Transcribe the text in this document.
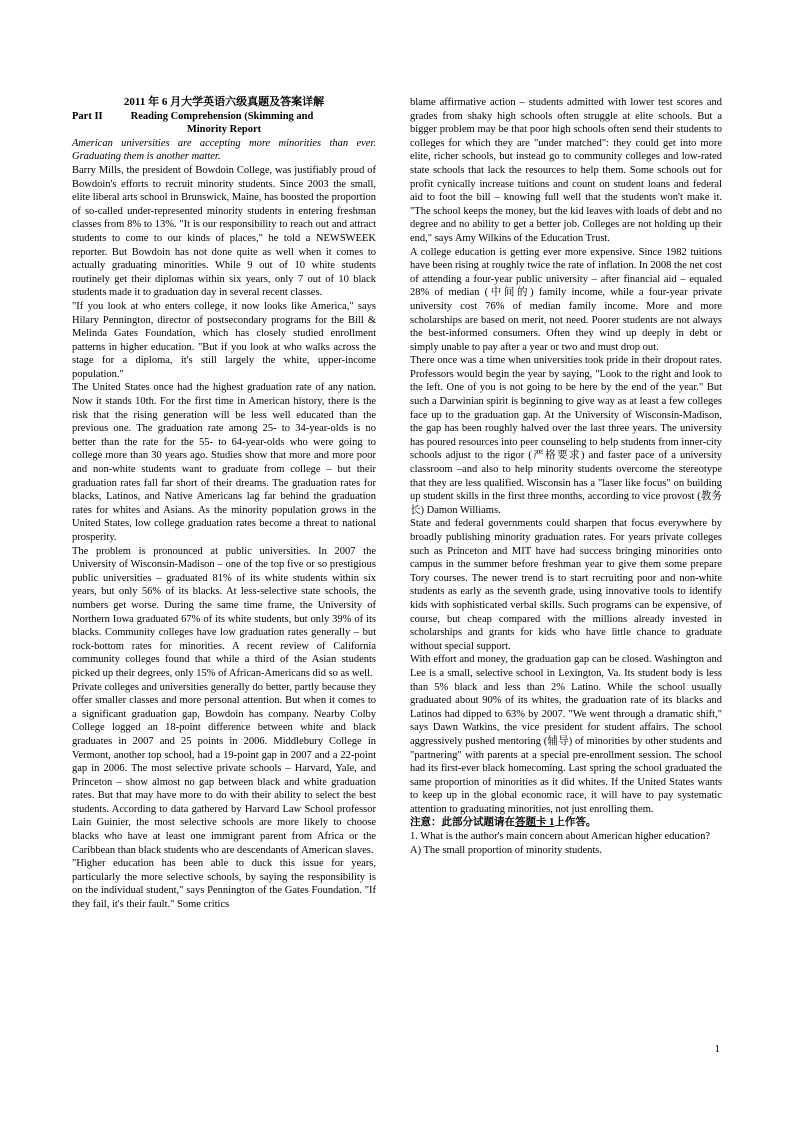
2011 年 6 月大学英语六级真题及答案详解

Part II	Reading Comprehension (Skimming and

Minority Report

American universities are accepting more minorities than ever. Graduating them is another matter.

Barry Mills, the president of Bowdoin College, was justifiably proud of Bowdoin's efforts to recruit minority students. Since 2003 the small, elite liberal arts school in Brunswick, Maine, has boosted the proportion of so-called under-represented minority students in entering freshman classes from 8% to 13%. "It is our responsibility to reach out and attract students to come to our kinds of places," he told a NEWSWEEK reporter. But Bowdoin has not done quite as well when it comes to actually graduating minorities. While 9 out of 10 white students routinely get their diplomas within six years, only 7 out of 10 black students made it to graduation day in several recent classes.

"If you look at who enters college, it now looks like America," says Hilary Pennington, director of postsecondary programs for the Bill & Melinda Gates Foundation, which has closely studied enrollment patterns in higher education. "But if you look at who walks across the stage for a diploma, it's still largely the white, upper-income population."

The United States once had the highest graduation rate of any nation. Now it stands 10th. For the first time in American history, there is the risk that the rising generation will be less well educated than the previous one. The graduation rate among 25- to 34-year-olds is no better than the rate for the 55- to 64-year-olds who were going to college more than 30 years ago. Studies show that more and more poor and non-white students want to graduate from college – but their graduation rates fall far short of their dreams. The graduation rates for blacks, Latinos, and Native Americans lag far behind the graduation rates for whites and Asians. As the minority population grows in the United States, low college graduation rates become a threat to national prosperity.

The problem is pronounced at public universities. In 2007 the University of Wisconsin-Madison – one of the top five or so prestigious public universities – graduated 81% of its white students within six years, but only 56% of its blacks. At less-selective state schools, the numbers get worse. During the same time frame, the University of Northern Iowa graduated 67% of its white students, but only 39% of its blacks. Community colleges have low graduation rates generally – but rock-bottom rates for minorities. A recent review of California community colleges found that while a third of the Asian students picked up their degrees, only 15% of African-Americans did so as well.

Private colleges and universities generally do better, partly because they offer smaller classes and more personal attention. But when it comes to a significant graduation gap, Bowdoin has company. Nearby Colby College logged an 18-point difference between white and black graduates in 2007 and 25 points in 2006. Middlebury College in Vermont, another top school, had a 19-point gap in 2007 and a 22-point gap in 2006. The most selective private schools – Harvard, Yale, and Princeton – show almost no gap between black and white graduation rates. But that may have more to do with their ability to select the best students. According to data gathered by Harvard Law School professor Lain Guinier, the most selective schools are more likely to choose blacks who have at least one immigrant parent from Africa or the Caribbean than black students who are descendants of American slaves.

"Higher education has been able to duck this issue for years, particularly the more selective schools, by saying the responsibility is on the individual student," says Pennington of the Gates Foundation. "If they fail, it's their fault." Some critics

blame affirmative action – students admitted with lower test scores and grades from shaky high schools often struggle at elite schools. But a bigger problem may be that poor high schools often send their students to colleges for which they are "under matched": they could get into more elite, richer schools, but instead go to community colleges and low-rated state schools that lack the resources to help them. Some schools out for profit cynically increase tuitions and count on student loans and federal aid to foot the bill – knowing full well that the students won't make it. "The school keeps the money, but the kid leaves with loads of debt and no degree and no ability to get a better job. Colleges are not holding up their end," says Amy Wilkins of the Education Trust.

A college education is getting ever more expensive. Since 1982 tuitions have been rising at roughly twice the rate of inflation. In 2008 the net cost of attending a four-year public university – after financial aid – equaled 28% of median (中间的) family income, while a four-year private university cost 76% of median family income. More and more scholarships are based on merit, not need. Poorer students are not always the best-informed consumers. Often they wind up deeply in debt or simply unable to pay after a year or two and must drop out.

There once was a time when universities took pride in their dropout rates. Professors would begin the year by saying, "Look to the right and look to the left. One of you is not going to be here by the end of the year." But such a Darwinian spirit is beginning to give way as at least a few colleges face up to the graduation gap. At the University of Wisconsin-Madison, the gap has been roughly halved over the last three years. The university has poured resources into peer counseling to help students from inner-city schools adjust to the rigor (严格要求) and faster pace of a university classroom –and also to help minority students overcome the stereotype that they are less qualified. Wisconsin has a "laser like focus" on building up student skills in the first three months, according to vice provost (教务长) Damon Williams.

State and federal governments could sharpen that focus everywhere by broadly publishing minority graduation rates. For years private colleges such as Princeton and MIT have had success bringing minorities onto campus in the summer before freshman year to give them some prepare Tory courses. The newer trend is to start recruiting poor and non-white students as early as the seventh grade, using innovative tools to identify kids with sophisticated verbal skills. Such programs can be expensive, of course, but cheap compared with the millions already invested in scholarships and grants for kids who have little chance to graduate without special support.

With effort and money, the graduation gap can be closed. Washington and Lee is a small, selective school in Lexington, Va. Its student body is less than 5% black and less than 2% Latino. While the school usually graduated about 90% of its whites, the graduation rate of its blacks and Latinos had dipped to 63% by 2007. "We went through a dramatic shift," says Dawn Watkins, the vice president for student affairs. The school aggressively pushed mentoring (辅导) of minorities by other students and "partnering" with parents at a special pre-enrollment session. The school had its first-ever black homecoming. Last spring the school graduated the same proportion of minorities as it did whites. If the United States wants to keep up in the global economic race, it will have to pay systematic attention to graduating minorities, not just enrolling them.

注意：此部分试题请在答题卡 1上作答。

1. What is the author's main concern about American higher education?

A) The small proportion of minority students.

1
